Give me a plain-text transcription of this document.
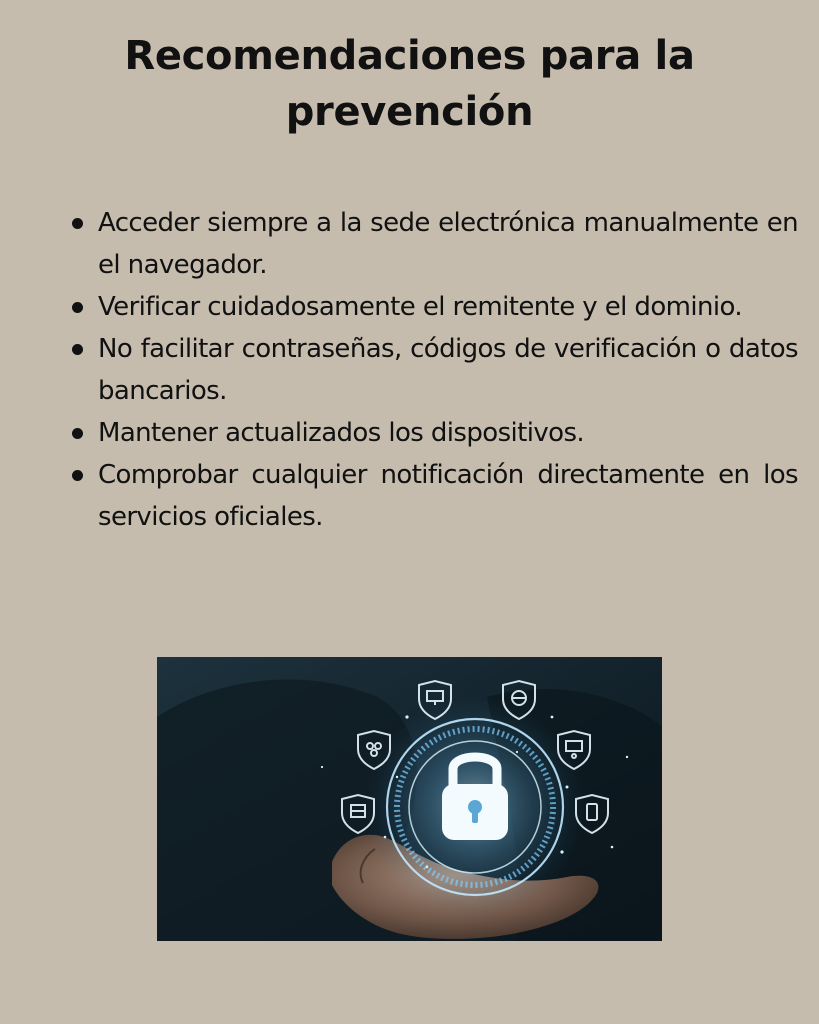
Recomendaciones para la prevención
Acceder siempre a la sede electrónica manualmente en el navegador.
Verificar cuidadosamente el remitente y el dominio.
No facilitar contraseñas, códigos de verificación o datos bancarios.
Mantener actualizados los dispositivos.
Comprobar cualquier notificación directamente en los servicios oficiales.
